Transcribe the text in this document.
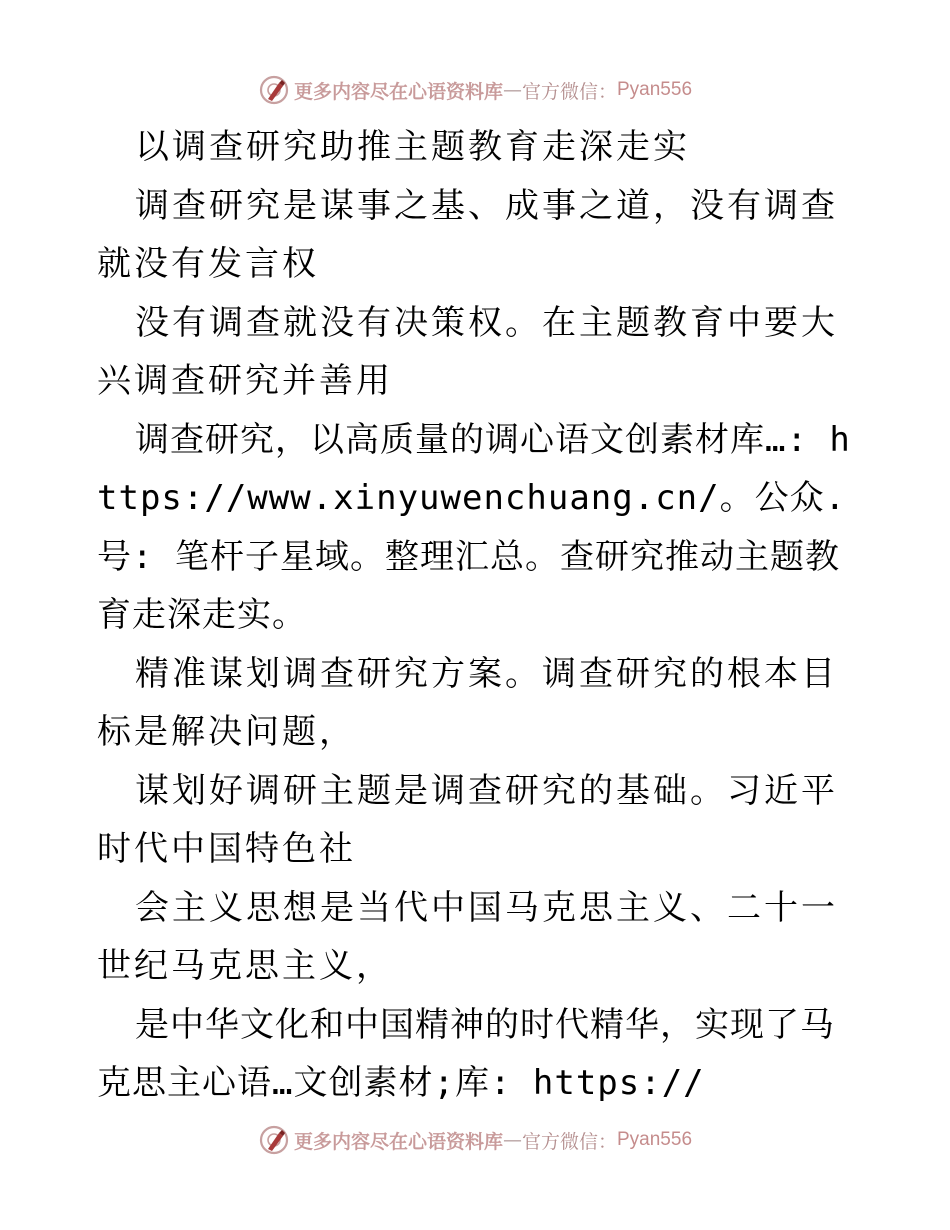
更多内容尽在心语资料库 — 官方微信： Pyan556

以调查研究助推主题教育走深走实

调查研究是谋事之基、成事之道，没有调查就没有发言权

没有调查就没有决策权。在主题教育中要大兴调查研究并善用

调查研究，以高质量的调心语文创素材库…: https://www.xinyuwenchuang.cn/。公众.号: 笔杆子星域。整理汇总。查研究推动主题教育走深走实。

精准谋划调查研究方案。调查研究的根本目标是解决问题，

谋划好调研主题是调查研究的基础。习近平时代中国特色社

会主义思想是当代中国马克思主义、二十一世纪马克思主义，

是中华文化和中国精神的时代精华，实现了马克思主心语…文创素材;库: https://

更多内容尽在心语资料库 — 官方微信： Pyan556
